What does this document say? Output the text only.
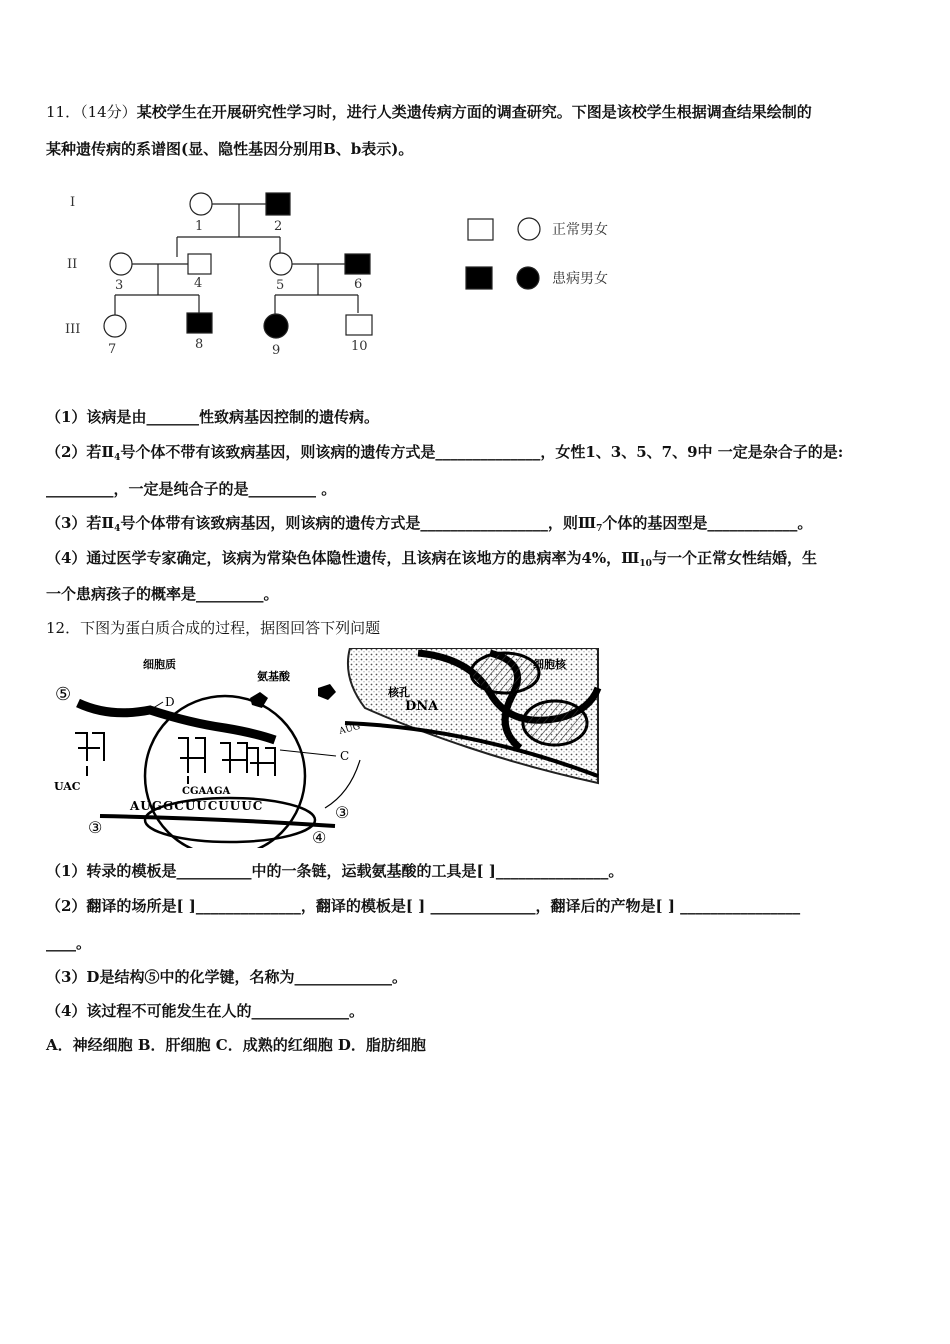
11．（14分）某校学生在开展研究性学习时，进行人类遗传病方面的调查研究。下图是该校学生根据调查结果绘制的
某种遗传病的系谱图(显、隐性基因分别用B、b表示)。
I
II
III
1	2
3	4	5	6
7	8	9	10
正常男女
患病男女
（1）该病是由_______性致病基因控制的遗传病。
（2）若$Ⅱ_4$号个体不带有该致病基因，则该病的遗传方式是______________，女性1、3、5、7、9中 一定是杂合子的是:
_________，一定是纯合子的是_________ 。
（3）若$Ⅱ_4$号个体带有该致病基因，则该病的遗传方式是_________________，则$Ⅲ_7$个体的基因型是____________。
（4）通过医学专家确定，该病为常染色体隐性遗传，且该病在该地方的患病率为4%，$Ⅲ_{10}$与一个正常女性结婚，生
一个患病孩子的概率是_________。
12．下图为蛋白质合成的过程，据图回答下列问题
细胞核
核孔
DNA
AUG
细胞质
氨基酸
⑤	D
C
UAC	CGAAGA
AUGGCUUCUUUC
③
③
④
（1）转录的模板是__________中的一条链，运载氨基酸的工具是[ ]_______________。
（2）翻译的场所是[ ]______________，翻译的模板是[ ] ______________，翻译后的产物是[ ] ________________
____。
（3）D是结构⑤中的化学键，名称为_____________。
（4）该过程不可能发生在人的_____________。
A．神经细胞 B．肝细胞 C．成熟的红细胞 D．脂肪细胞
